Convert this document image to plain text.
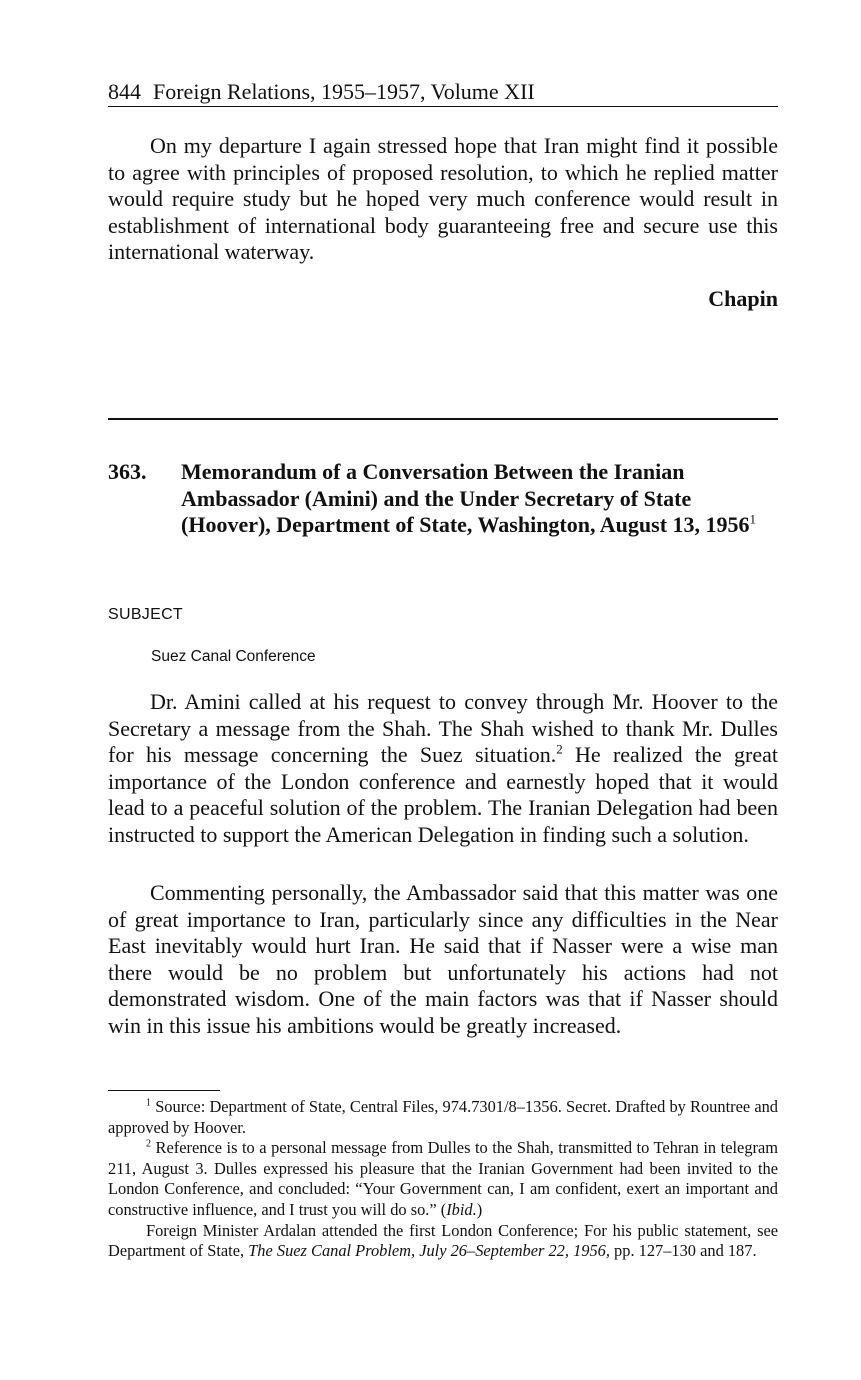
844 Foreign Relations, 1955–1957, Volume XII

On my departure I again stressed hope that Iran might find it possible to agree with principles of proposed resolution, to which he replied matter would require study but he hoped very much conference would result in establishment of international body guaranteeing free and secure use this international waterway.

Chapin
363. Memorandum of a Conversation Between the Iranian Ambassador (Amini) and the Under Secretary of State (Hoover), Department of State, Washington, August 13, 1956$^1$
SUBJECT
Suez Canal Conference

Dr. Amini called at his request to convey through Mr. Hoover to the Secretary a message from the Shah. The Shah wished to thank Mr. Dulles for his message concerning the Suez situation.$^2$ He realized the great importance of the London conference and earnestly hoped that it would lead to a peaceful solution of the problem. The Iranian Delegation had been instructed to support the American Delegation in finding such a solution.

Commenting personally, the Ambassador said that this matter was one of great importance to Iran, particularly since any difficulties in the Near East inevitably would hurt Iran. He said that if Nasser were a wise man there would be no problem but unfortunately his actions had not demonstrated wisdom. One of the main factors was that if Nasser should win in this issue his ambitions would be greatly increased.

$^1$ Source: Department of State, Central Files, 974.7301/8–1356. Secret. Drafted by Rountree and approved by Hoover.

$^2$ Reference is to a personal message from Dulles to the Shah, transmitted to Tehran in telegram 211, August 3. Dulles expressed his pleasure that the Iranian Government had been invited to the London Conference, and concluded: “Your Government can, I am confident, exert an important and constructive influence, and I trust you will do so.” (Ibid.)

Foreign Minister Ardalan attended the first London Conference; For his public statement, see Department of State, The Suez Canal Problem, July 26–September 22, 1956, pp. 127–130 and 187.
